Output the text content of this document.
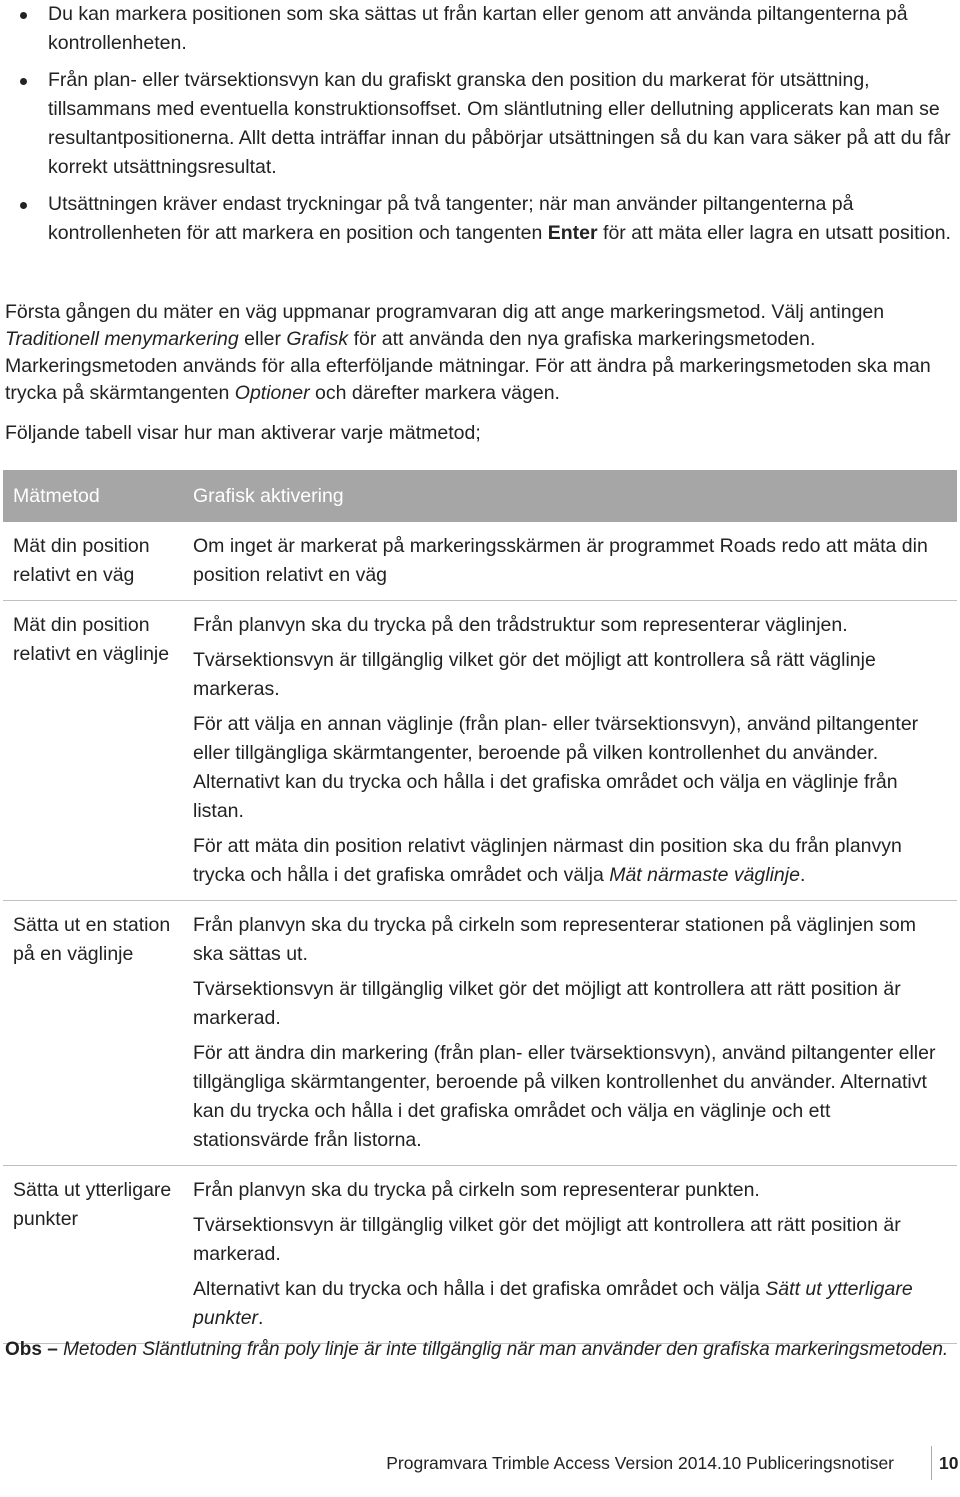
Du kan markera positionen som ska sättas ut från kartan eller genom att använda piltangenterna på kontrollenheten.
Från plan- eller tvärsektionsvyn kan du grafiskt granska den position du markerat för utsättning, tillsammans med eventuella konstruktionsoffset. Om släntlutning eller dellutning applicerats kan man se resultantpositionerna. Allt detta inträffar innan du påbörjar utsättningen så du kan vara säker på att du får korrekt utsättningsresultat.
Utsättningen kräver endast tryckningar på två tangenter; när man använder piltangenterna på kontrollenheten för att markera en position och tangenten Enter för att mäta eller lagra en utsatt position.
Första gången du mäter en väg uppmanar programvaran dig att ange markeringsmetod. Välj antingen Traditionell menymarkering eller Grafisk för att använda den nya grafiska markeringsmetoden. Markeringsmetoden används för alla efterföljande mätningar. För att ändra på markeringsmetoden ska man trycka på skärmtangenten Optioner och därefter markera vägen.
Följande tabell visar hur man aktiverar varje mätmetod;
Mätmetod	Grafisk aktivering
Mät din position relativt en väg	Om inget är markerat på markeringsskärmen är programmet Roads redo att mäta din position relativt en väg

Mät din position relativt en väglinje	Från planvyn ska du trycka på den trådstruktur som representerar väglinjen.

Tvärsektionsvyn är tillgänglig vilket gör det möjligt att kontrollera så rätt väglinje markeras.

För att välja en annan väglinje (från plan- eller tvärsektionsvyn), använd piltangenter eller tillgängliga skärmtangenter, beroende på vilken kontrollenhet du använder. Alternativt kan du trycka och hålla i det grafiska området och välja en väglinje från listan.

För att mäta din position relativt väglinjen närmast din position ska du från planvyn trycka och hålla i det grafiska området och välja Mät närmaste väglinje.

Sätta ut en station på en väglinje	Från planvyn ska du trycka på cirkeln som representerar stationen på väglinjen som ska sättas ut.

Tvärsektionsvyn är tillgänglig vilket gör det möjligt att kontrollera att rätt position är markerad.

För att ändra din markering (från plan- eller tvärsektionsvyn), använd piltangenter eller tillgängliga skärmtangenter, beroende på vilken kontrollenhet du använder. Alternativt kan du trycka och hålla i det grafiska området och välja en väglinje och ett stationsvärde från listorna.

Sätta ut ytterligare punkter	Från planvyn ska du trycka på cirkeln som representerar punkten.

Tvärsektionsvyn är tillgänglig vilket gör det möjligt att kontrollera att rätt position är markerad.

Alternativt kan du trycka och hålla i det grafiska området och välja Sätt ut ytterligare punkter.

Obs – Metoden Släntlutning från poly linje är inte tillgänglig när man använder den grafiska markeringsmetoden.
Programvara Trimble Access Version 2014.10 Publiceringsnotiser	10
